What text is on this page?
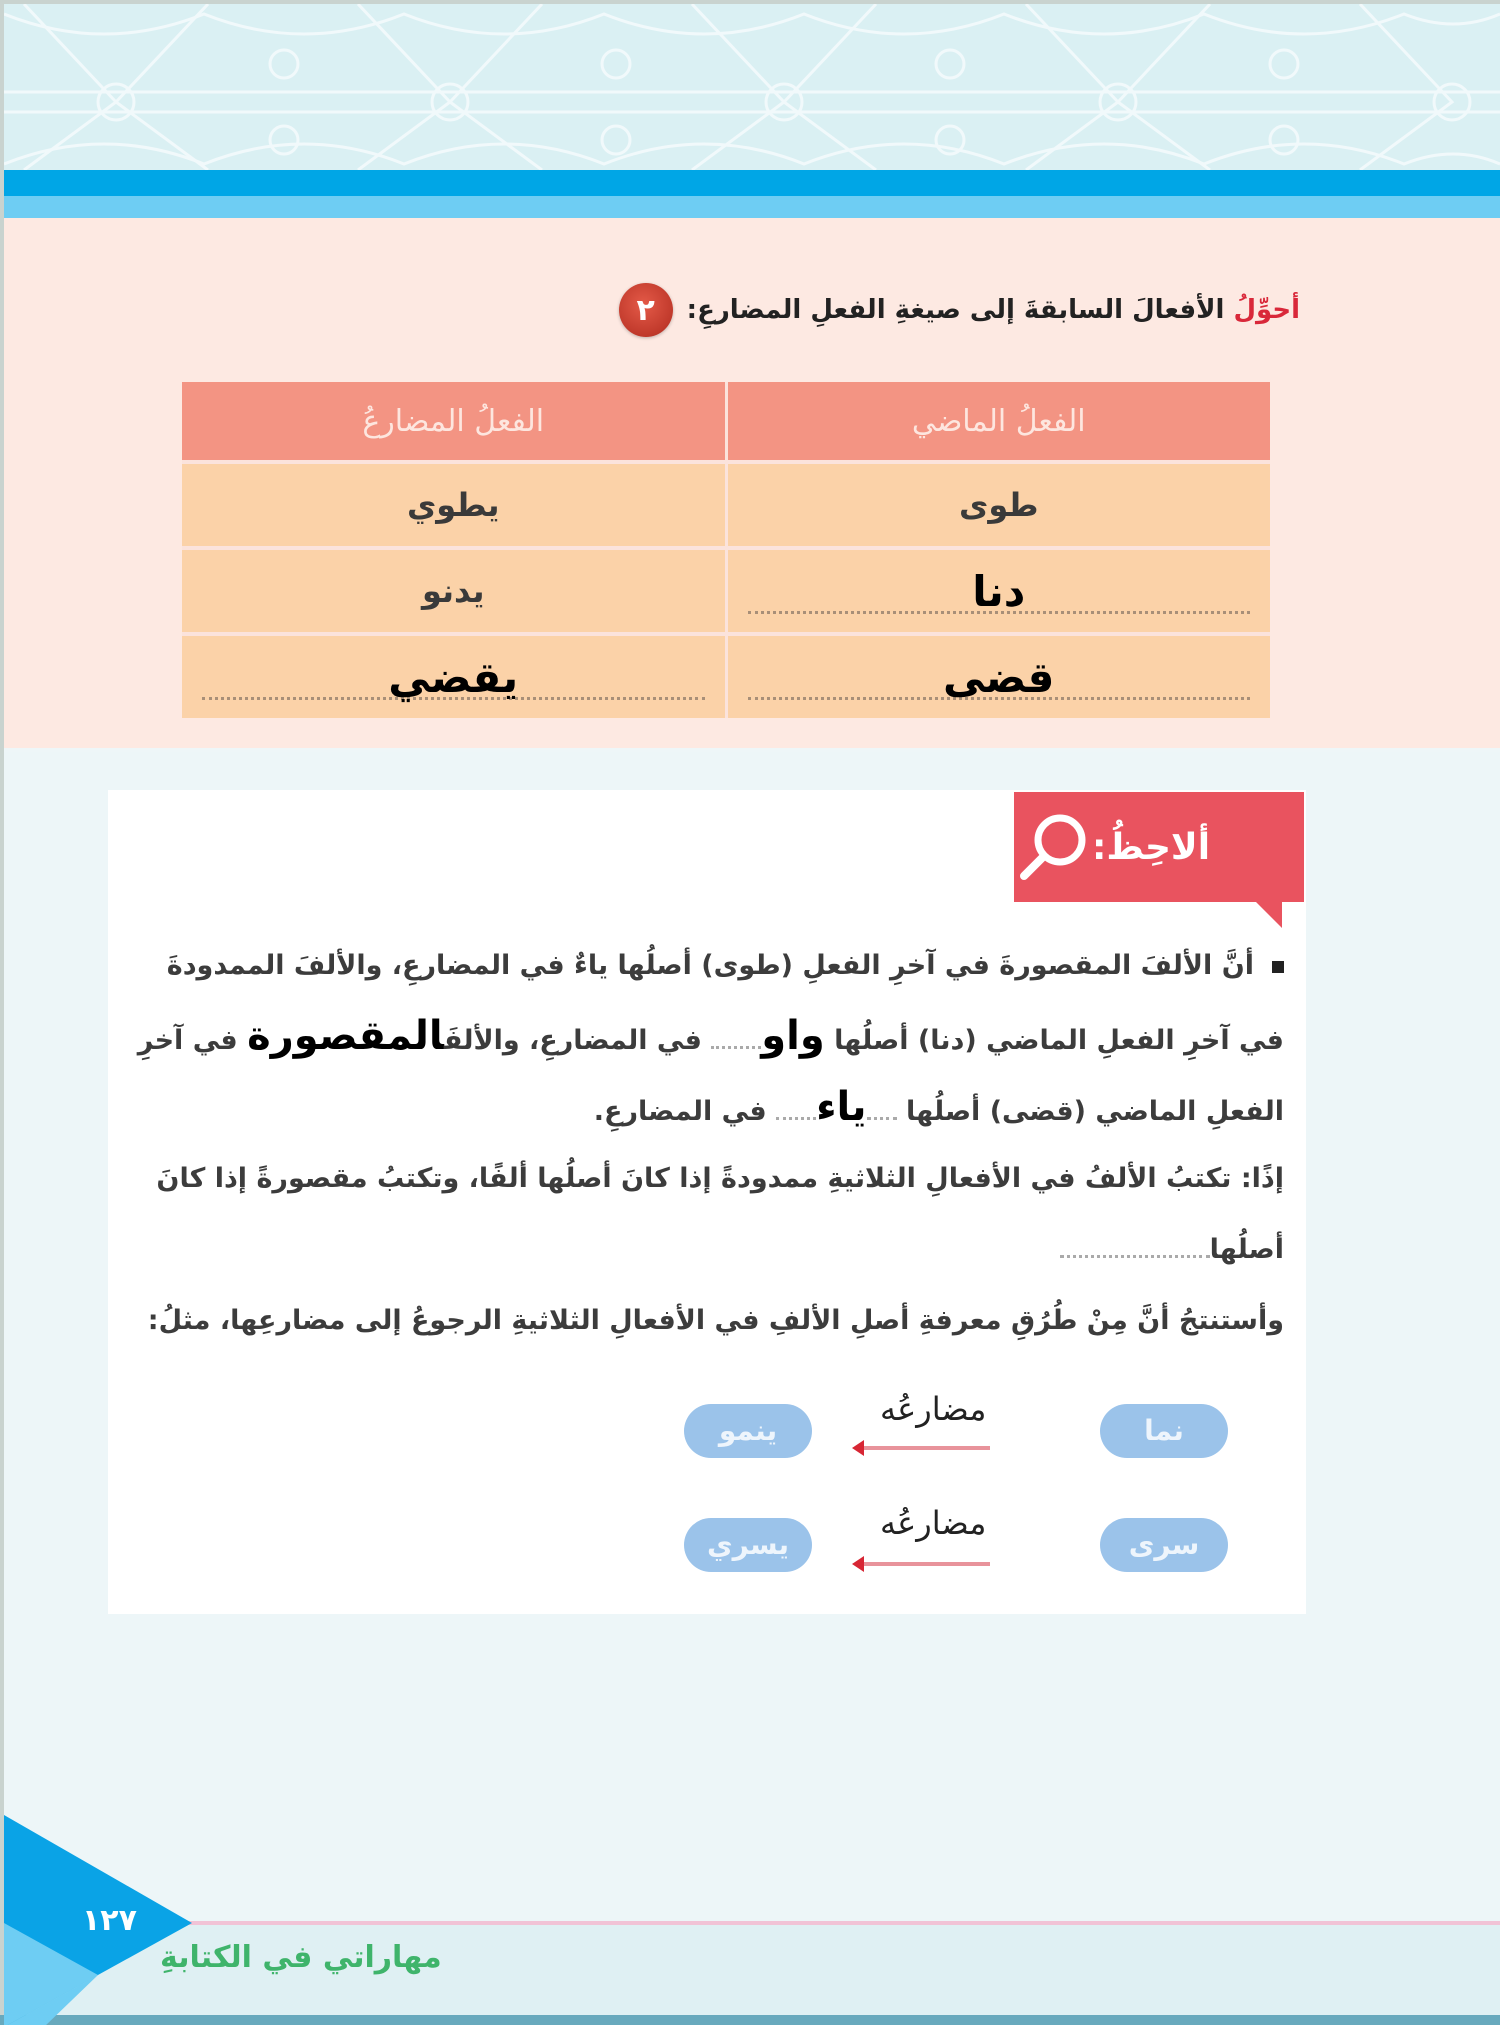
٢	أحوِّلُ الأفعالَ السابقةَ إلى صيغةِ الفعلِ المضارعِ:
الفعلُ الماضي	الفعلُ المضارعُ
طوى	يطوي
دنا	يدنو
قضى	يقضي
ألاحِظُ:
أنَّ الألفَ المقصورةَ في آخرِ الفعلِ (طوى) أصلُها ياءٌ في المضارعِ، والألفَ الممدودةَ
في آخرِ الفعلِ الماضي (دنا) أصلُها واو في المضارعِ، والألفَالمقصورة في آخرِ
الفعلِ الماضي (قضى) أصلُها ياء في المضارعِ.
إذًا: تكتبُ الألفُ في الأفعالِ الثلاثيةِ ممدودةً إذا كانَ أصلُها ألفًا، وتكتبُ مقصورةً إذا كانَ
أصلُها
وأستنتجُ أنَّ مِنْ طُرُقِ معرفةِ أصلِ الألفِ في الأفعالِ الثلاثيةِ الرجوعُ إلى مضارعِها، مثلُ:
نما
مضارعُه
ينمو
سرى
مضارعُه
يسري
١٢٧
مهاراتي في الكتابةِ
